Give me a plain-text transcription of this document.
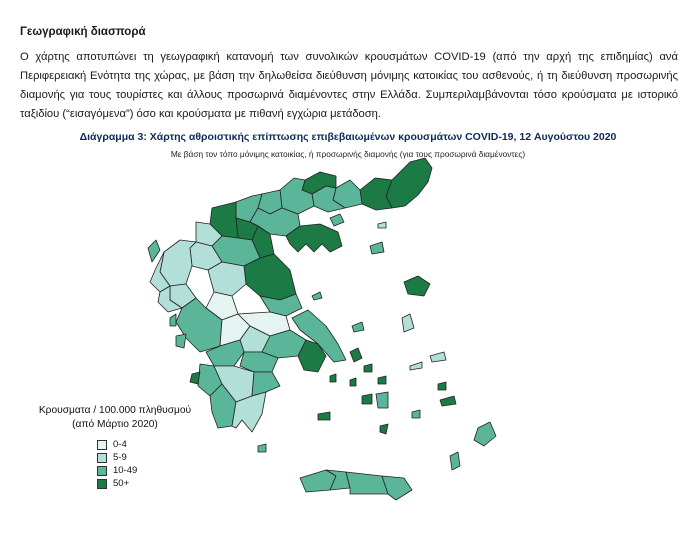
Γεωγραφική διασπορά
Ο χάρτης αποτυπώνει τη γεωγραφική κατανομή των συνολικών κρουσμάτων COVID-19 (από την αρχή της επιδημίας) ανά Περιφερειακή Ενότητα της χώρας, με βάση την δηλωθείσα διεύθυνση μόνιμης κατοικίας του ασθενούς, ή τη διεύθυνση προσωρινής διαμονής για τους τουρίστες και άλλους προσωρινά διαμένοντες στην Ελλάδα. Συμπεριλαμβάνονται τόσο κρούσματα με ιστορικό ταξιδίου (“εισαγόμενα”) όσο και κρούσματα με πιθανή εγχώρια μετάδοση.
Διάγραμμα 3: Χάρτης αθροιστικής επίπτωσης επιβεβαιωμένων κρουσμάτων COVID-19, 12 Αυγούστου 2020
Με βάση τον τόπο μόνιμης κατοικίας, ή προσωρινής διαμονής (για τους προσωρινά διαμένοντες)
Κρουσματα / 100.000 πληθυσμού
(από Μάρτιο 2020)
0-4
5-9
10-49
50+
